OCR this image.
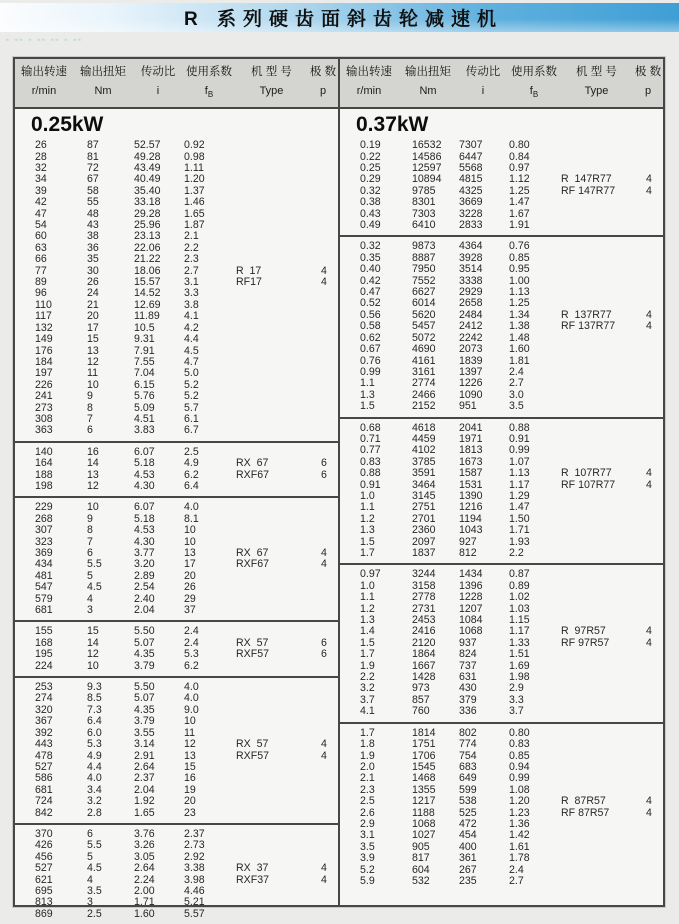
R 系列硬齿面斜齿轮减速机
- -- - -- -- - --
输出转速	输出扭矩	传动比 使用系数	机 型 号	极 数
r/min	Nm	i	$f_B$	Type	p
0.25kW
26	87	52.57	0.92
28	81	49.28	0.98
32	72	43.49	1.11
34	67	40.49	1.20
39	58	35.40	1.37
42	55	33.18	1.46
47	48	29.28	1.65
54	43	25.96	1.87
60	38	23.13	2.1
63	36	22.06	2.2
66	35	21.22	2.3
77	30	18.06	2.7	R  17	4
89	26	15.57	3.1	RF17	4
96	24	14.52	3.3
110	21	12.69	3.8
117	20	11.89	4.1
132	17	10.5	4.2
149	15	9.31	4.4
176	13	7.91	4.5
184	12	7.55	4.7
197	11	7.04	5.0
226	10	6.15	5.2
241	9	5.76	5.2
273	8	5.09	5.7
308	7	4.51	6.1
363	6	3.83	6.7
140	16	6.07	2.5
164	14	5.18	4.9	RX  67	6
188	13	4.53	6.2	RXF67	6
198	12	4.30	6.4
229	10	6.07	4.0
268	9	5.18	8.1
307	8	4.53	10
323	7	4.30	10
369	6	3.77	13	RX  67	4
434	5.5	3.20	17	RXF67	4
481	5	2.89	20
547	4.5	2.54	26
579	4	2.40	29
681	3	2.04	37
155	15	5.50	2.4
168	14	5.07	2.4	RX  57	6
195	12	4.35	5.3	RXF57	6
224	10	3.79	6.2
253	9.3	5.50	4.0
274	8.5	5.07	4.0
320	7.3	4.35	9.0
367	6.4	3.79	10
392	6.0	3.55	11
443	5.3	3.14	12	RX  57	4
478	4.9	2.91	13	RXF57	4
527	4.4	2.64	15
586	4.0	2.37	16
681	3.4	2.04	19
724	3.2	1.92	20
842	2.8	1.65	23
370	6	3.76	2.37
426	5.5	3.26	2.73
456	5	3.05	2.92
527	4.5	2.64	3.38	RX  37	4
621	4	2.24	3.98	RXF37	4
695	3.5	2.00	4.46
813	3	1.71	5.21
869	2.5	1.60	5.57
输出转速	输出扭矩	传动比 使用系数	机 型 号	极 数
r/min	Nm	i	$f_B$	Type	p
0.37kW
0.19	16532	7307	0.80
0.22	14586	6447	0.84
0.25	12597	5568	0.97
0.29	10894	4815	1.12	R  147R77	4
0.32	9785	4325	1.25	RF 147R77	4
0.38	8301	3669	1.47
0.43	7303	3228	1.67
0.49	6410	2833	1.91
0.32	9873	4364	0.76
0.35	8887	3928	0.85
0.40	7950	3514	0.95
0.42	7552	3338	1.00
0.47	6627	2929	1.13
0.52	6014	2658	1.25
0.56	5620	2484	1.34	R  137R77	4
0.58	5457	2412	1.38	RF 137R77	4
0.62	5072	2242	1.48
0.67	4690	2073	1.60
0.76	4161	1839	1.81
0.99	3161	1397	2.4
1.1	2774	1226	2.7
1.3	2466	1090	3.0
1.5	2152	951	3.5
0.68	4618	2041	0.88
0.71	4459	1971	0.91
0.77	4102	1813	0.99
0.83	3785	1673	1.07
0.88	3591	1587	1.13	R  107R77	4
0.91	3464	1531	1.17	RF 107R77	4
1.0	3145	1390	1.29
1.1	2751	1216	1.47
1.2	2701	1194	1.50
1.3	2360	1043	1.71
1.5	2097	927	1.93
1.7	1837	812	2.2
0.97	3244	1434	0.87
1.0	3158	1396	0.89
1.1	2778	1228	1.02
1.2	2731	1207	1.03
1.3	2453	1084	1.15
1.4	2416	1068	1.17	R  97R57	4
1.5	2120	937	1.33	RF 97R57	4
1.7	1864	824	1.51
1.9	1667	737	1.69
2.2	1428	631	1.98
3.2	973	430	2.9
3.7	857	379	3.3
4.1	760	336	3.7
1.7	1814	802	0.80
1.8	1751	774	0.83
1.9	1706	754	0.85
2.0	1545	683	0.94
2.1	1468	649	0.99
2.3	1355	599	1.08
2.5	1217	538	1.20	R  87R57	4
2.6	1188	525	1.23	RF 87R57	4
2.9	1068	472	1.36
3.1	1027	454	1.42
3.5	905	400	1.61
3.9	817	361	1.78
5.2	604	267	2.4
5.9	532	235	2.7
